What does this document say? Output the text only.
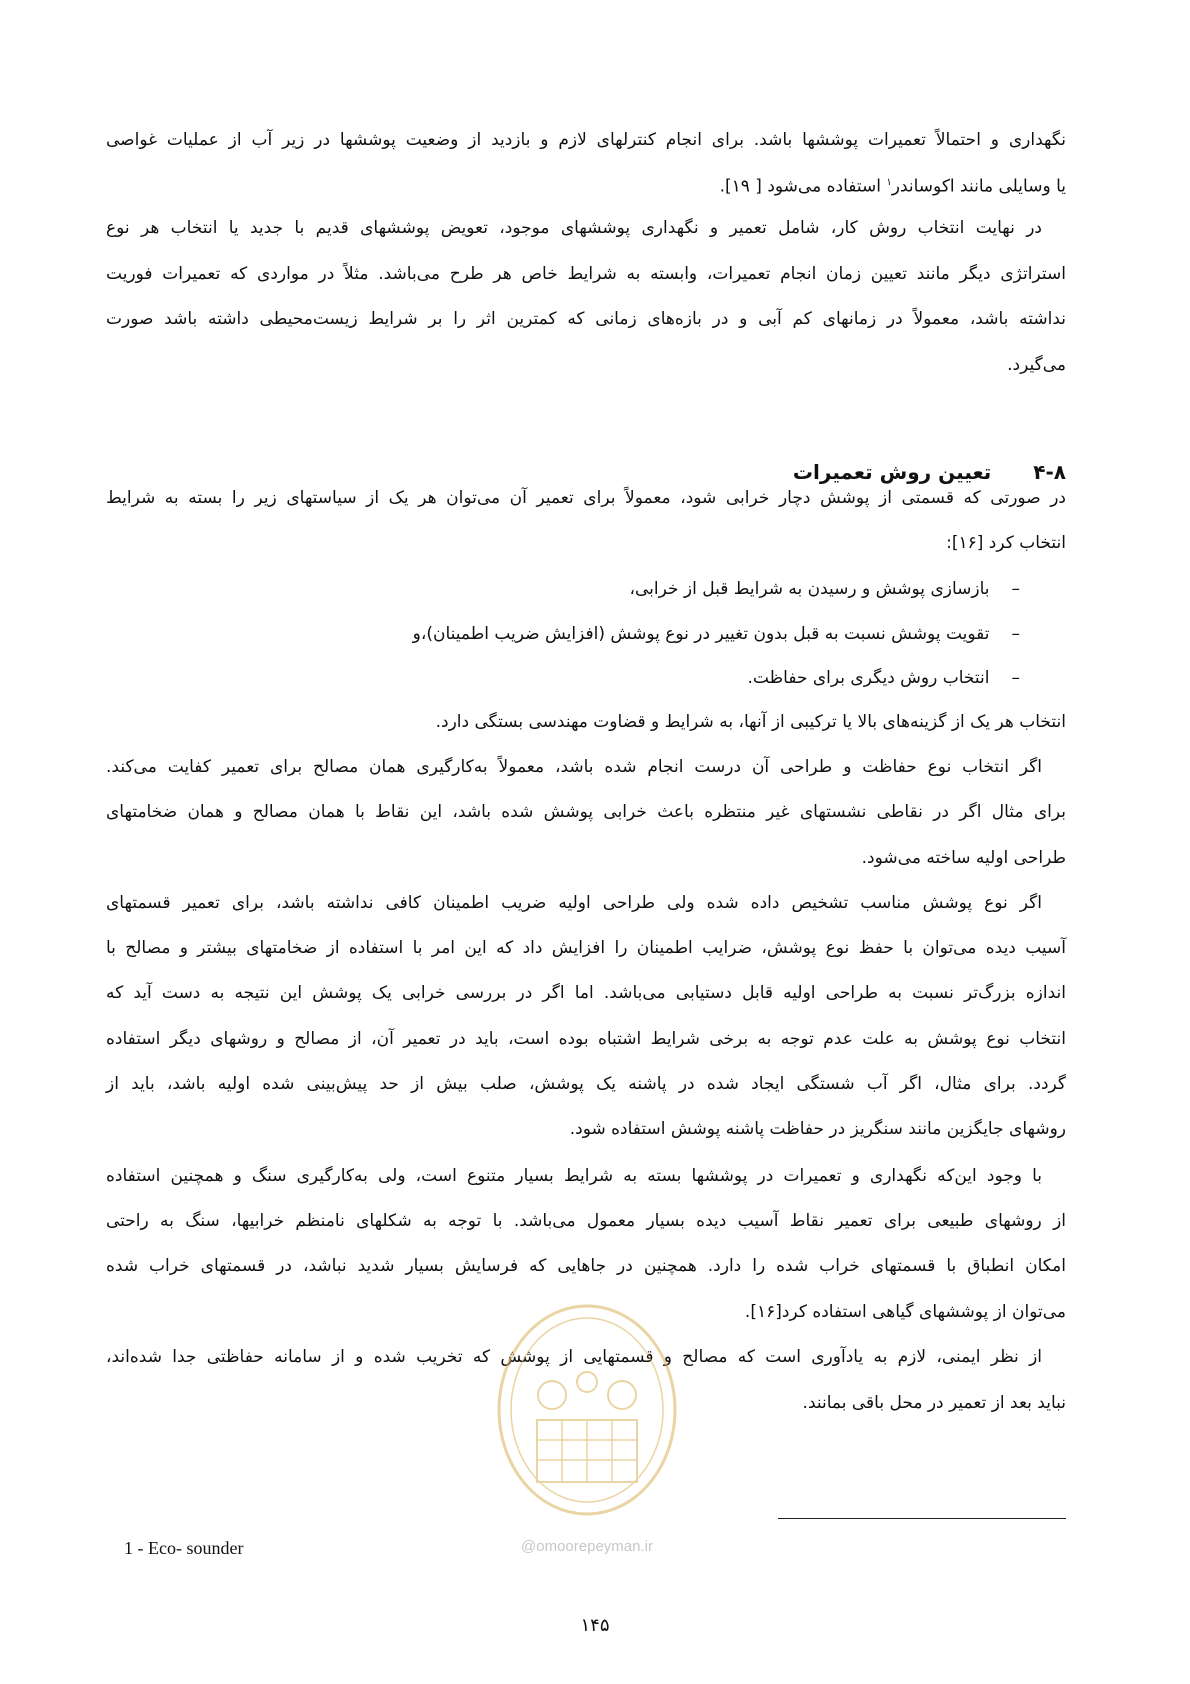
نگهداری و احتمالاً تعمیرات پوششها باشد. برای انجام کنترلهای لازم و بازدید از وضعیت پوششها در زیر آب از عملیات غواصی
یا وسایلی مانند اکوساندر$^۱$ استفاده می‌شود [ ۱۹].
در نهایت انتخاب روش کار، شامل تعمیر و نگهداری پوششهای موجود، تعویض پوششهای قدیم با جدید یا انتخاب هر نوع
استراتژی دیگر مانند تعیین زمان انجام تعمیرات، وابسته به شرایط خاص هر طرح می‌باشد. مثلاً در مواردی که تعمیرات فوریت
نداشته باشد، معمولاً در زمانهای کم آبی و در بازه‌های زمانی که کمترین اثر را بر شرایط زیست‌محیطی داشته باشد صورت
می‌گیرد.
۴-۸تعیین روش تعمیرات
در صورتی که قسمتی از پوشش دچار خرابی شود، معمولاً برای تعمیر آن می‌توان هر یک از سیاستهای زیر را بسته به شرایط
انتخاب کرد [۱۶]:
–بازسازی پوشش و رسیدن به شرایط قبل از خرابی،
–تقویت پوشش نسبت به قبل بدون تغییر در نوع پوشش (افزایش ضریب اطمینان)،و
–انتخاب روش دیگری برای حفاظت.
انتخاب هر یک از گزینه‌های بالا یا ترکیبی از آنها، به شرایط و قضاوت مهندسی بستگی دارد.
اگر انتخاب نوع حفاظت و طراحی آن درست انجام شده باشد، معمولاً به‌کارگیری همان مصالح برای تعمیر کفایت می‌کند.
برای مثال اگر در نقاطی نشستهای غیر منتظره باعث خرابی پوشش شده باشد، این نقاط با همان مصالح و همان ضخامتهای
طراحی اولیه ساخته می‌شود.
اگر نوع پوشش مناسب تشخیص داده شده ولی طراحی اولیه ضریب اطمینان کافی نداشته باشد، برای تعمیر قسمتهای
آسیب دیده می‌توان با حفظ نوع پوشش، ضرایب اطمینان را افزایش داد که این امر با استفاده از ضخامتهای بیشتر و مصالح با
اندازه بزرگ‌تر نسبت به طراحی اولیه قابل دستیابی می‌باشد. اما اگر در بررسی خرابی یک پوشش این نتیجه به دست آید که
انتخاب نوع پوشش به علت عدم توجه به برخی شرایط اشتباه بوده است، باید در تعمیر آن، از مصالح و روشهای دیگر استفاده
گردد. برای مثال، اگر آب شستگی ایجاد شده در پاشنه یک پوشش، صلب بیش از حد پیش‌بینی شده اولیه باشد، باید از
روشهای جایگزین مانند سنگریز در حفاظت پاشنه پوشش استفاده شود.
با وجود این‌که نگهداری و تعمیرات در پوششها بسته به شرایط بسیار متنوع است، ولی به‌کارگیری سنگ و همچنین استفاده
از روشهای طبیعی برای تعمیر نقاط آسیب دیده بسیار معمول می‌باشد. با توجه به شکلهای نامنظم خرابیها، سنگ به راحتی
امکان انطباق با قسمتهای خراب شده را دارد. همچنین در جاهایی که فرسایش بسیار شدید نباشد، در قسمتهای خراب شده
می‌توان از پوششهای گیاهی استفاده کرد[۱۶].
از نظر ایمنی، لازم به یادآوری است که مصالح و قسمتهایی از پوشش که تخریب شده و از سامانه حفاظتی جدا شده‌اند،
نباید بعد از تعمیر در محل باقی بمانند.
@omoorepeyman.ir
1 - Eco- sounder
۱۴۵
